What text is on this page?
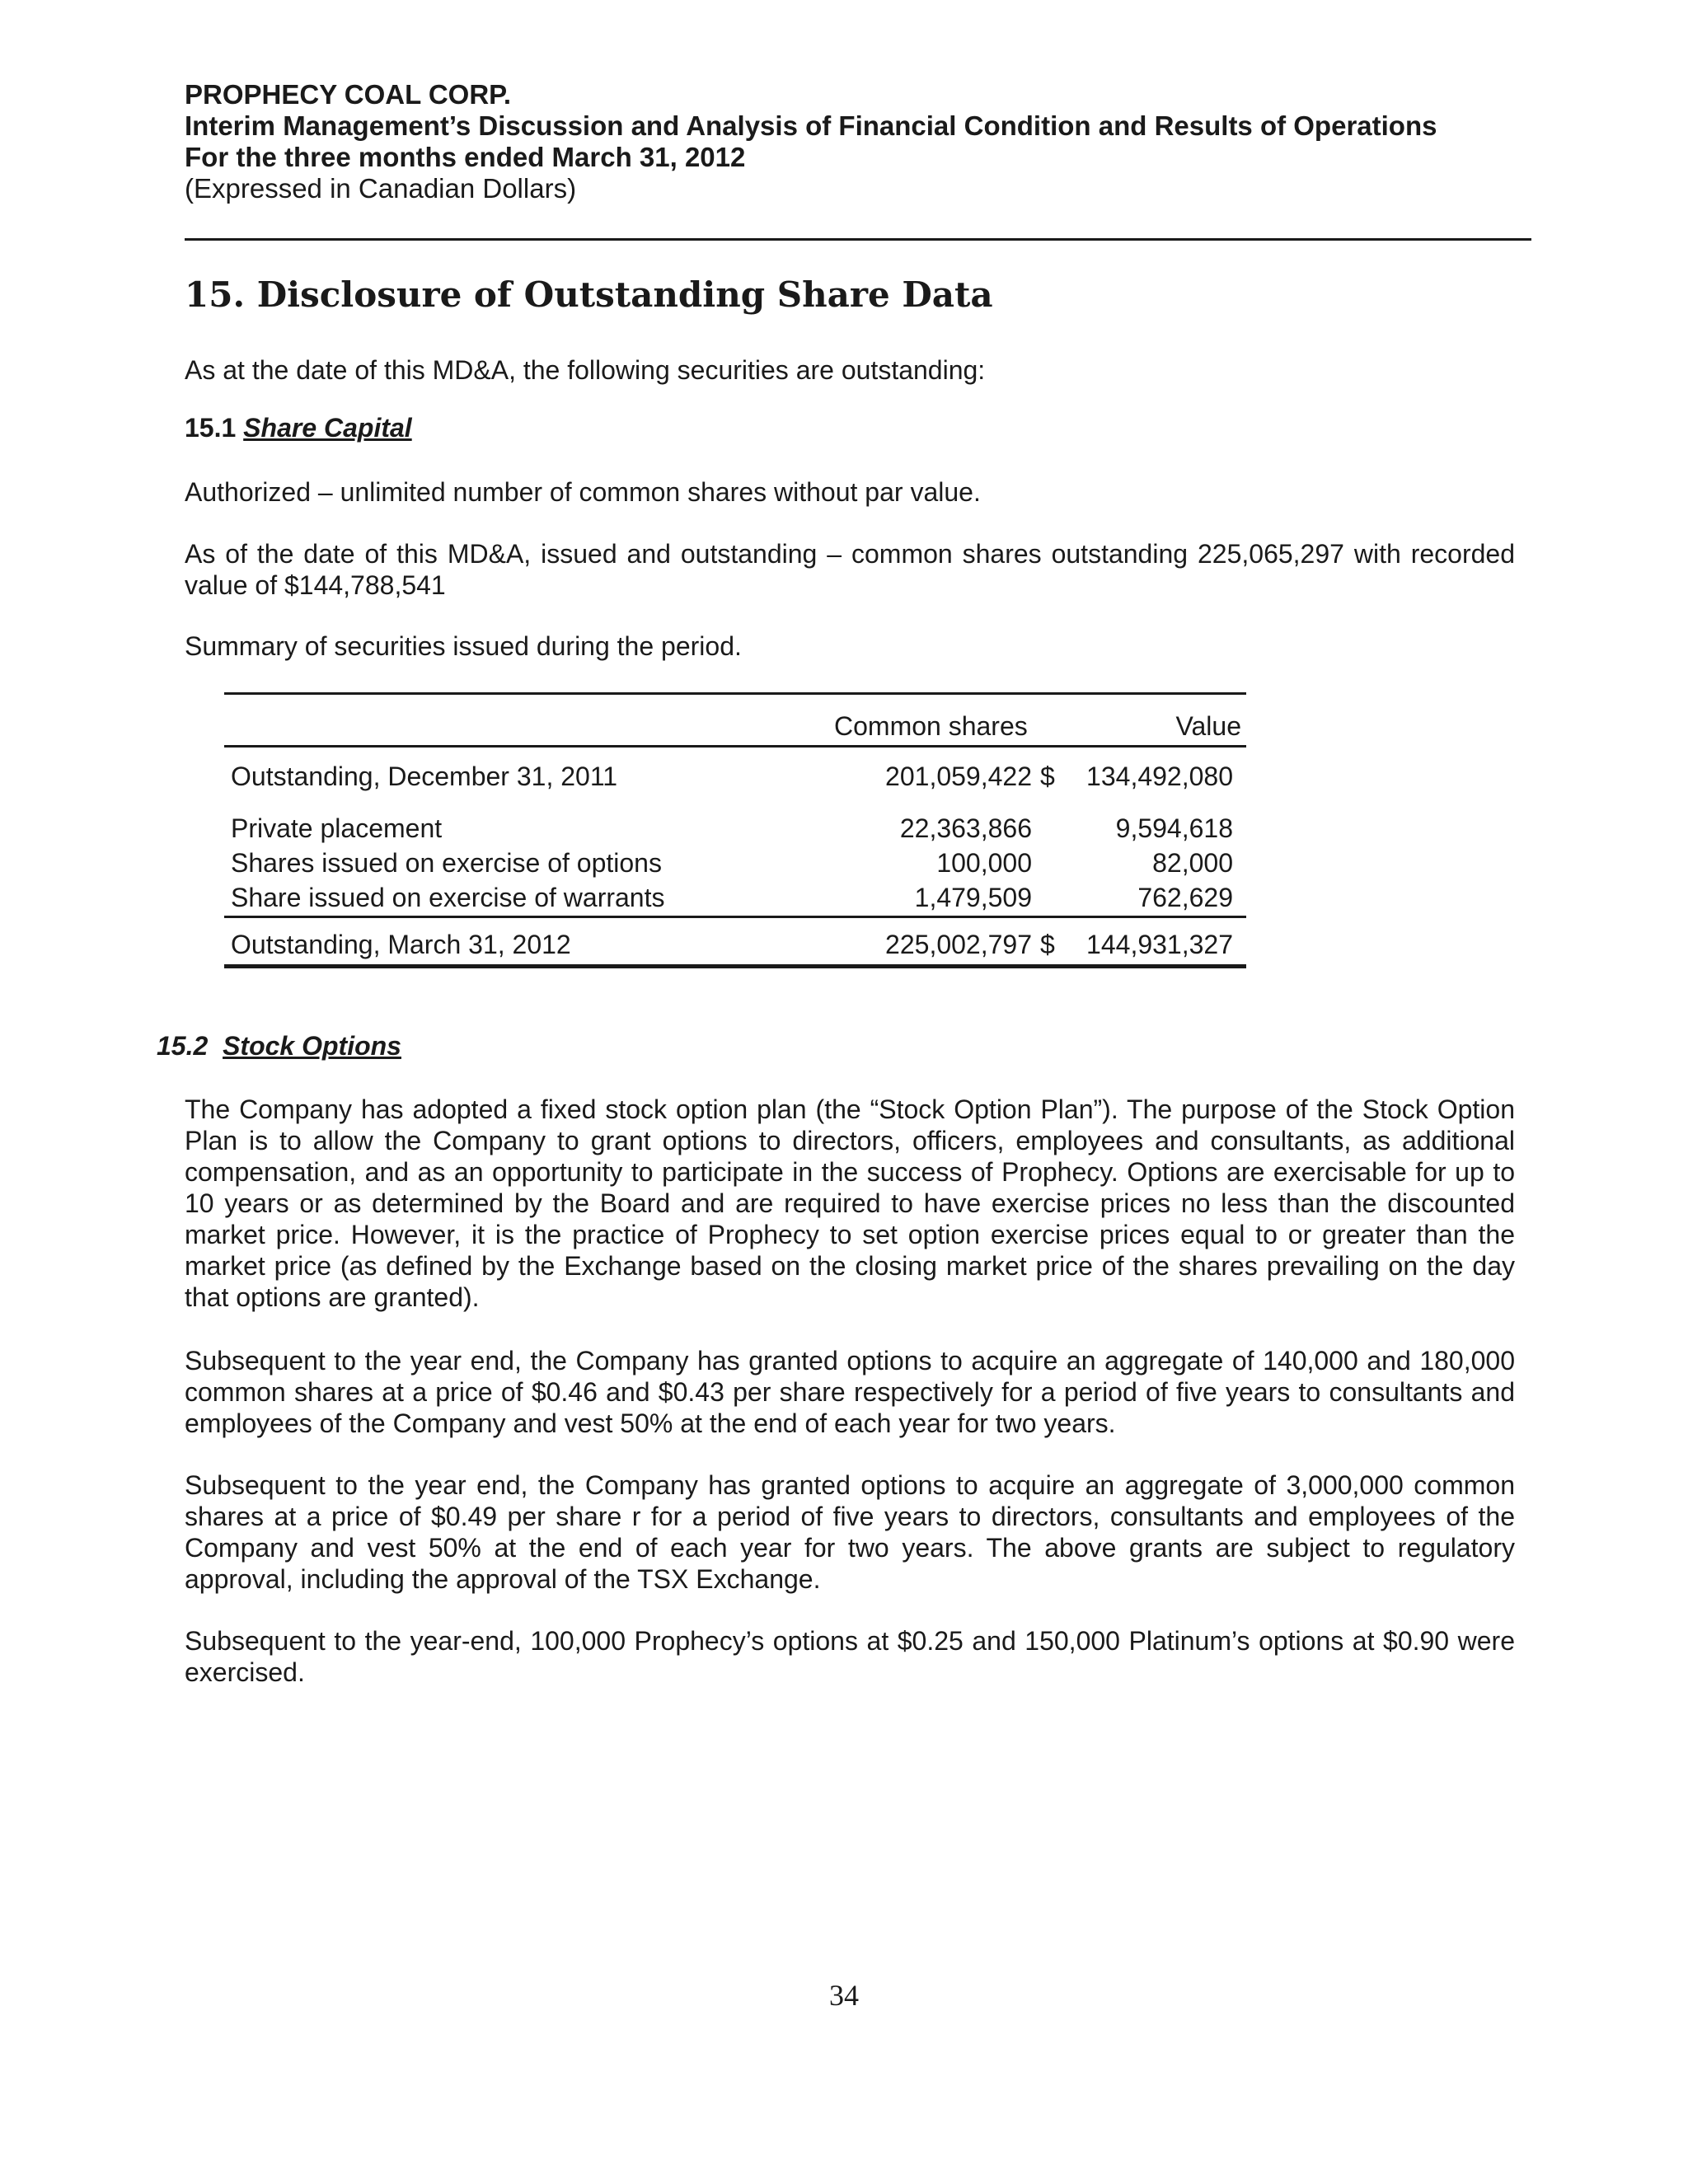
PROPHECY COAL CORP.
Interim Management’s Discussion and Analysis of Financial Condition and Results of Operations
For the three months ended March 31, 2012
(Expressed in Canadian Dollars)
15. Disclosure of Outstanding Share Data
As at the date of this MD&A, the following securities are outstanding:
15.1 Share Capital
Authorized – unlimited number of common shares without par value.
As of the date of this MD&A, issued and outstanding – common shares outstanding 225,065,297 with recorded value of $144,788,541
Summary of securities issued during the period.
Common shares	Value
Outstanding, December 31, 2011	201,059,422 $ 134,492,080
Private placement	22,363,866	9,594,618
Shares issued on exercise of options	100,000	82,000
Share issued on exercise of warrants	1,479,509	762,629
Outstanding, March 31, 2012	225,002,797 $ 144,931,327
15.2 Stock Options
The Company has adopted a fixed stock option plan (the “Stock Option Plan”). The purpose of the Stock Option Plan is to allow the Company to grant options to directors, officers, employees and consultants, as additional compensation, and as an opportunity to participate in the success of Prophecy. Options are exercisable for up to 10 years or as determined by the Board and are required to have exercise prices no less than the discounted market price. However, it is the practice of Prophecy to set option exercise prices equal to or greater than the market price (as defined by the Exchange based on the closing market price of the shares prevailing on the day that options are granted).
Subsequent to the year end, the Company has granted options to acquire an aggregate of 140,000 and 180,000 common shares at a price of $0.46 and $0.43 per share respectively for a period of five years to consultants and employees of the Company and vest 50% at the end of each year for two years.
Subsequent to the year end, the Company has granted options to acquire an aggregate of 3,000,000 common shares at a price of $0.49 per share r for a period of five years to directors, consultants and employees of the Company and vest 50% at the end of each year for two years. The above grants are subject to regulatory approval, including the approval of the TSX Exchange.
Subsequent to the year-end, 100,000 Prophecy’s options at $0.25 and 150,000 Platinum’s options at $0.90 were exercised.
34
